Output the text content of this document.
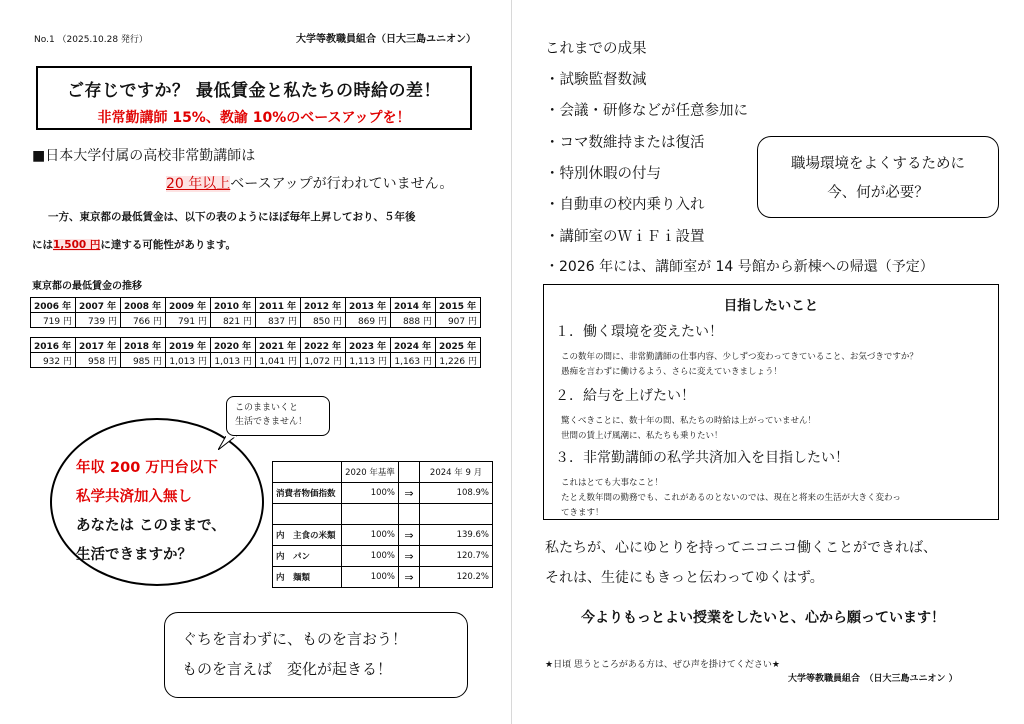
No.1 （2025.10.28 発行）	大学等教職員組合（日大三島ユニオン）
ご存じですか？ 最低賃金と私たちの時給の差！
非常勤講師 15%、教諭 10%のベースアップを！
■日本大学付属の高校非常勤講師は
20 年以上ベースアップが行われていません。
一方、東京都の最低賃金は、以下の表のようにほぼ毎年上昇しており、５年後
には1,500 円に達する可能性があります。
東京都の最低賃金の推移
2006 年	2007 年	2008 年	2009 年	2010 年	2011 年	2012 年	2013 年	2014 年	2015 年
719 円	739 円	766 円	791 円	821 円	837 円	850 円	869 円	888 円	907 円
2016 年	2017 年	2018 年	2019 年	2020 年	2021 年	2022 年	2023 年	2024 年	2025 年
932 円	958 円	985 円	1,013 円	1,013 円	1,041 円	1,072 円	1,113 円	1,163 円	1,226 円
年収 200 万円台以下
私学共済加入無し
あなたは このままで、
生活できますか？
このままいくと
生活できません！
	2020 年基準		2024 年 9 月
消費者物価指数	100%	⇒	108.9%

内　主食の米類	100%	⇒	139.6%
内　パン	100%	⇒	120.7%
内　麺類	100%	⇒	120.2%
ぐちを言わずに、ものを言おう！
ものを言えば　変化が起きる！
これまでの成果
・試験監督数減
・会議・研修などが任意参加に
・コマ数維持または復活
・特別休暇の付与
・自動車の校内乗り入れ
・講師室のＷｉＦｉ設置
・2026 年には、講師室が 14 号館から新棟への帰還（予定）
職場環境をよくするために
今、何が必要？
目指したいこと
１．働く環境を変えたい！
この数年の間に、非常勤講師の仕事内容、少しずつ変わってきていること、お気づきですか？
愚痴を言わずに働けるよう、さらに変えていきましょう！
２．給与を上げたい！
驚くべきことに、数十年の間、私たちの時給は上がっていません！
世間の賃上げ風潮に、私たちも乗りたい！
３．非常勤講師の私学共済加入を目指したい！
これはとても大事なこと！
たとえ数年間の勤務でも、これがあるのとないのでは、現在と将来の生活が大きく変わっ
てきます！
私たちが、心にゆとりを持ってニコニコ働くことができれば、
それは、生徒にもきっと伝わってゆくはず。
今よりもっとよい授業をしたいと、心から願っています！
★日頃 思うところがある方は、ぜひ声を掛けてください★
大学等教職員組合　（日大三島ユニオン ）
